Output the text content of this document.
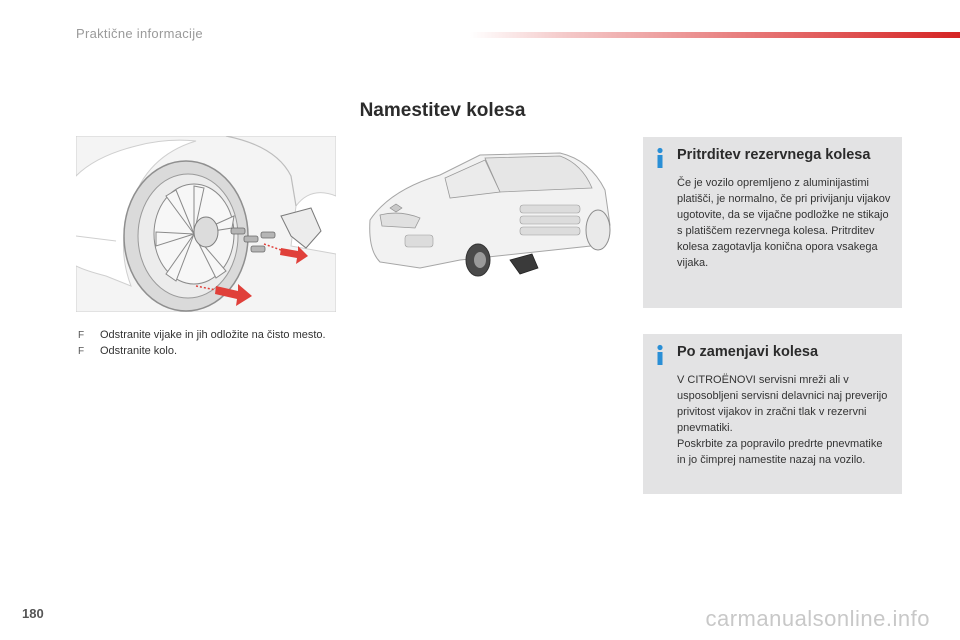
Praktične informacije
Namestitev kolesa
F Odstranite vijake in jih odložite na čisto mesto.
F Odstranite kolo.
Pritrditev rezervnega kolesa
Če je vozilo opremljeno z aluminijastimi platišči, je normalno, če pri privijanju vijakov ugotovite, da se vijačne podložke ne stikajo s platiščem rezervnega kolesa. Pritrditev kolesa zagotavlja konična opora vsakega vijaka.
Po zamenjavi kolesa
V CITROËNOVI servisni mreži ali v usposobljeni servisni delavnici naj preverijo privitost vijakov in zračni tlak v rezervni pnevmatiki.
Poskrbite za popravilo predrte pnevmatike in jo čimprej namestite nazaj na vozilo.
180	carmanualsonline.info
